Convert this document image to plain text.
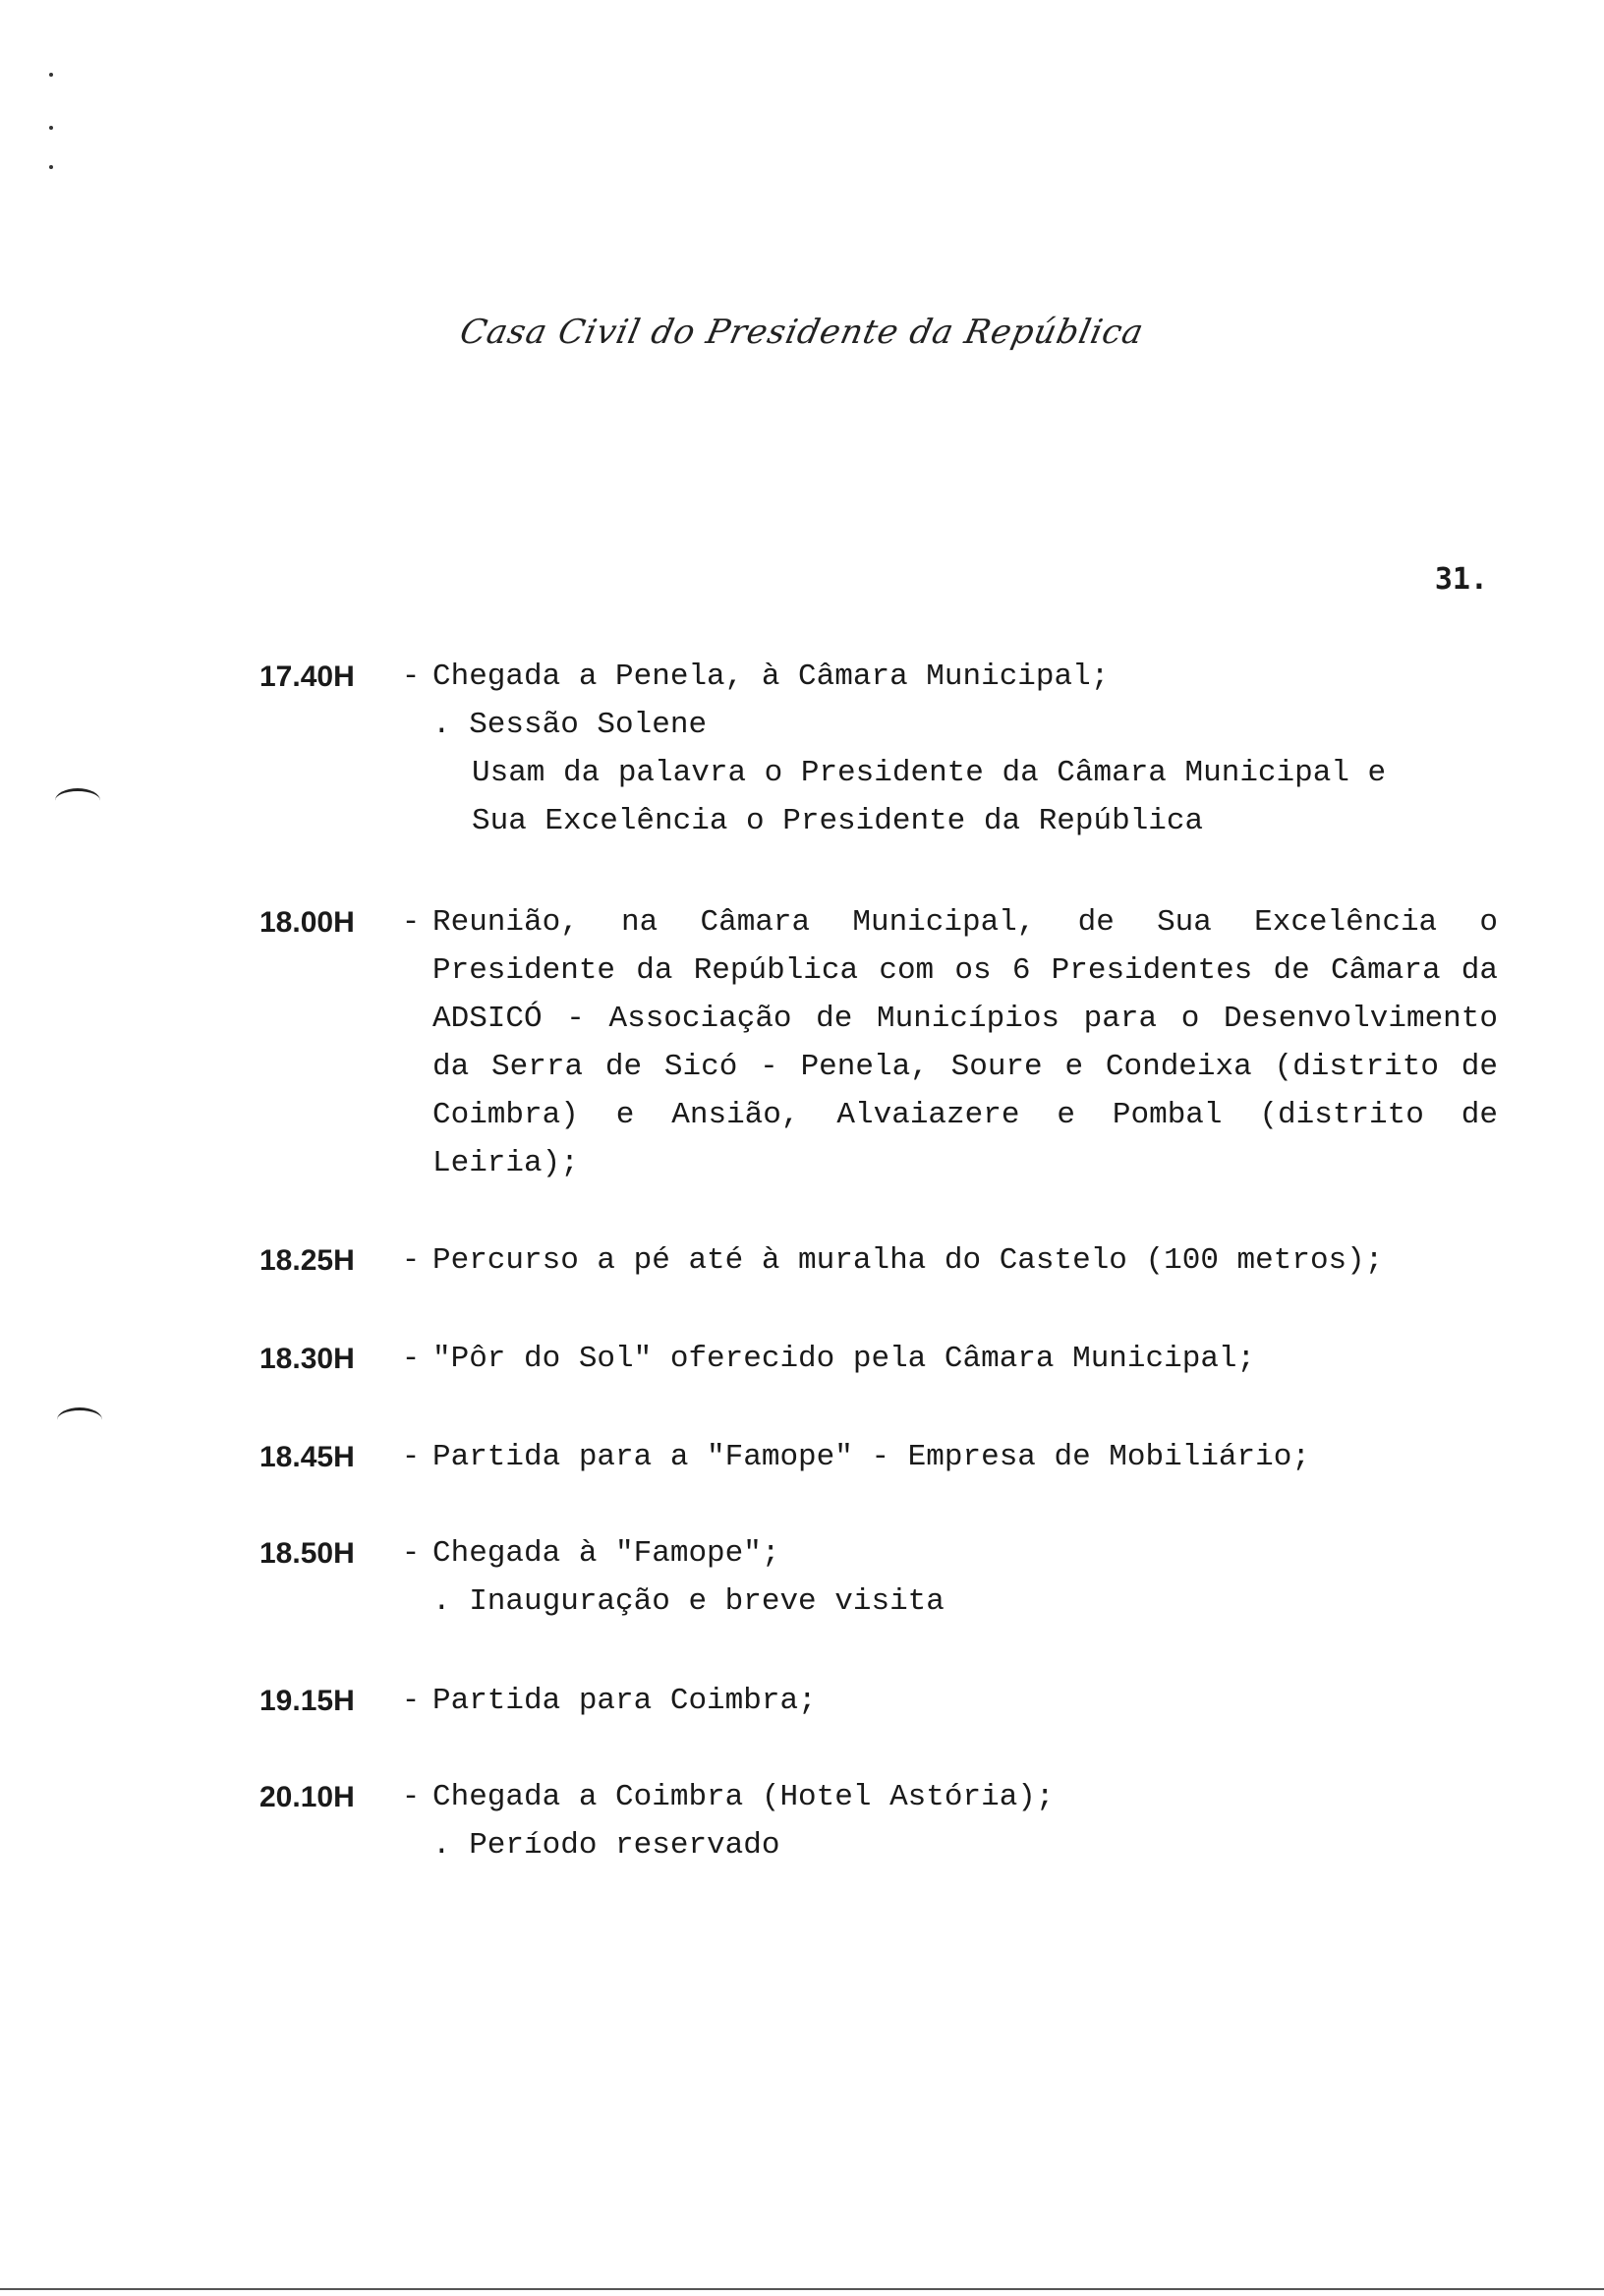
Casa Civil do Presidente da República
31.
17.40H	- Chegada a Penela, à Câmara Municipal;
. Sessão Solene
Usam da palavra o Presidente da Câmara Municipal e
Sua Excelência o Presidente da República
18.00H	- Reunião, na Câmara Municipal, de Sua Excelência o Presidente da República com os 6 Presidentes de Câmara da ADSICÓ - Associação de Municípios para o Desenvolvimento da Serra de Sicó - Penela, Soure e Condeixa (distrito de Coimbra) e Ansião, Alvaiazere e Pombal (distrito de Leiria);
18.25H	- Percurso a pé até à muralha do Castelo (100 metros);
18.30H	- "Pôr do Sol" oferecido pela Câmara Municipal;
18.45H	- Partida para a "Famope" - Empresa de Mobiliário;
18.50H	- Chegada à "Famope";
. Inauguração e breve visita
19.15H	- Partida para Coimbra;
20.10H	- Chegada a Coimbra (Hotel Astória);
. Período reservado
